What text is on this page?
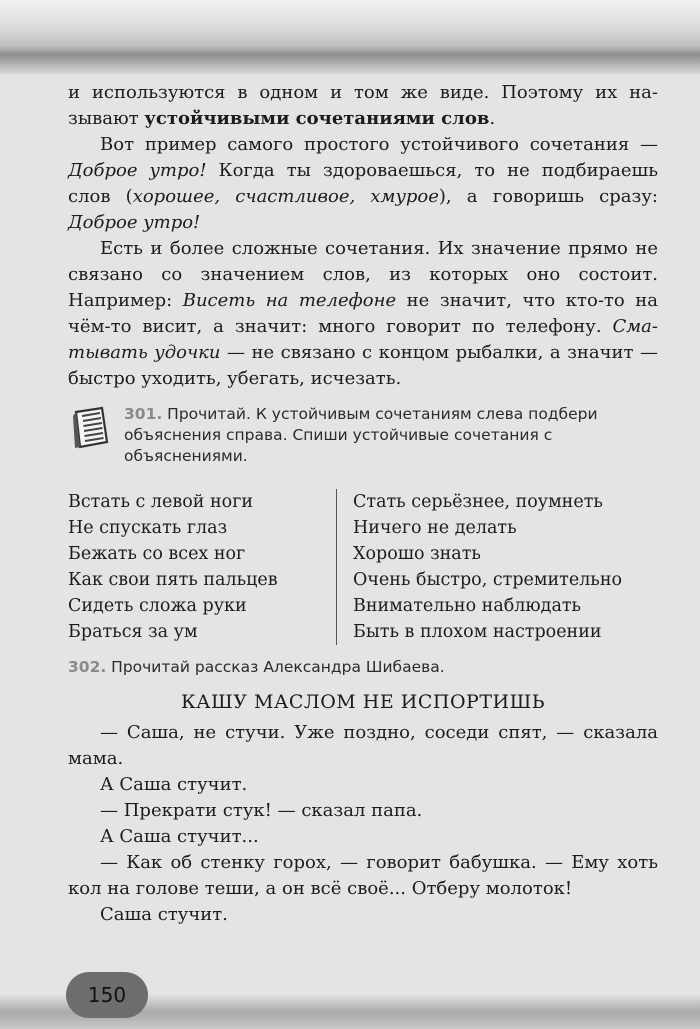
и используются в одном и том же виде. Поэтому их называют устойчивыми сочетаниями слов.

Вот пример самого простого устойчивого сочетания — Доброе утро! Когда ты здороваешься, то не подбираешь слов (хорошее, счастливое, хмурое), а говоришь сразу: Доброе утро!

Есть и более сложные сочетания. Их значение прямо не связано со значением слов, из которых оно состоит. Например: Висеть на телефоне не значит, что кто-то на чём-то висит, а значит: много говорит по телефону. Сматывать удочки — не связано с концом рыбалки, а значит — быстро уходить, убегать, исчезать.

301. Прочитай. К устойчивым сочетаниям слева подбери объяснения справа. Спиши устойчивые сочетания с объяснениями.
Встать с левой ноги
Не спускать глаз
Бежать со всех ног
Как свои пять пальцев
Сидеть сложа руки
Браться за ум
Стать серьёзнее, поумнеть
Ничего не делать
Хорошо знать
Очень быстро, стремительно
Внимательно наблюдать
Быть в плохом настроении
302. Прочитай рассказ Александра Шибаева.
КАШУ МАСЛОМ НЕ ИСПОРТИШЬ

— Саша, не стучи. Уже поздно, соседи спят, — сказала мама.

А Саша стучит.

— Прекрати стук! — сказал папа.

А Саша стучит...

— Как об стенку горох, — говорит бабушка. — Ему хоть кол на голове теши, а он всё своё... Отберу молоток!

Саша стучит.

150
